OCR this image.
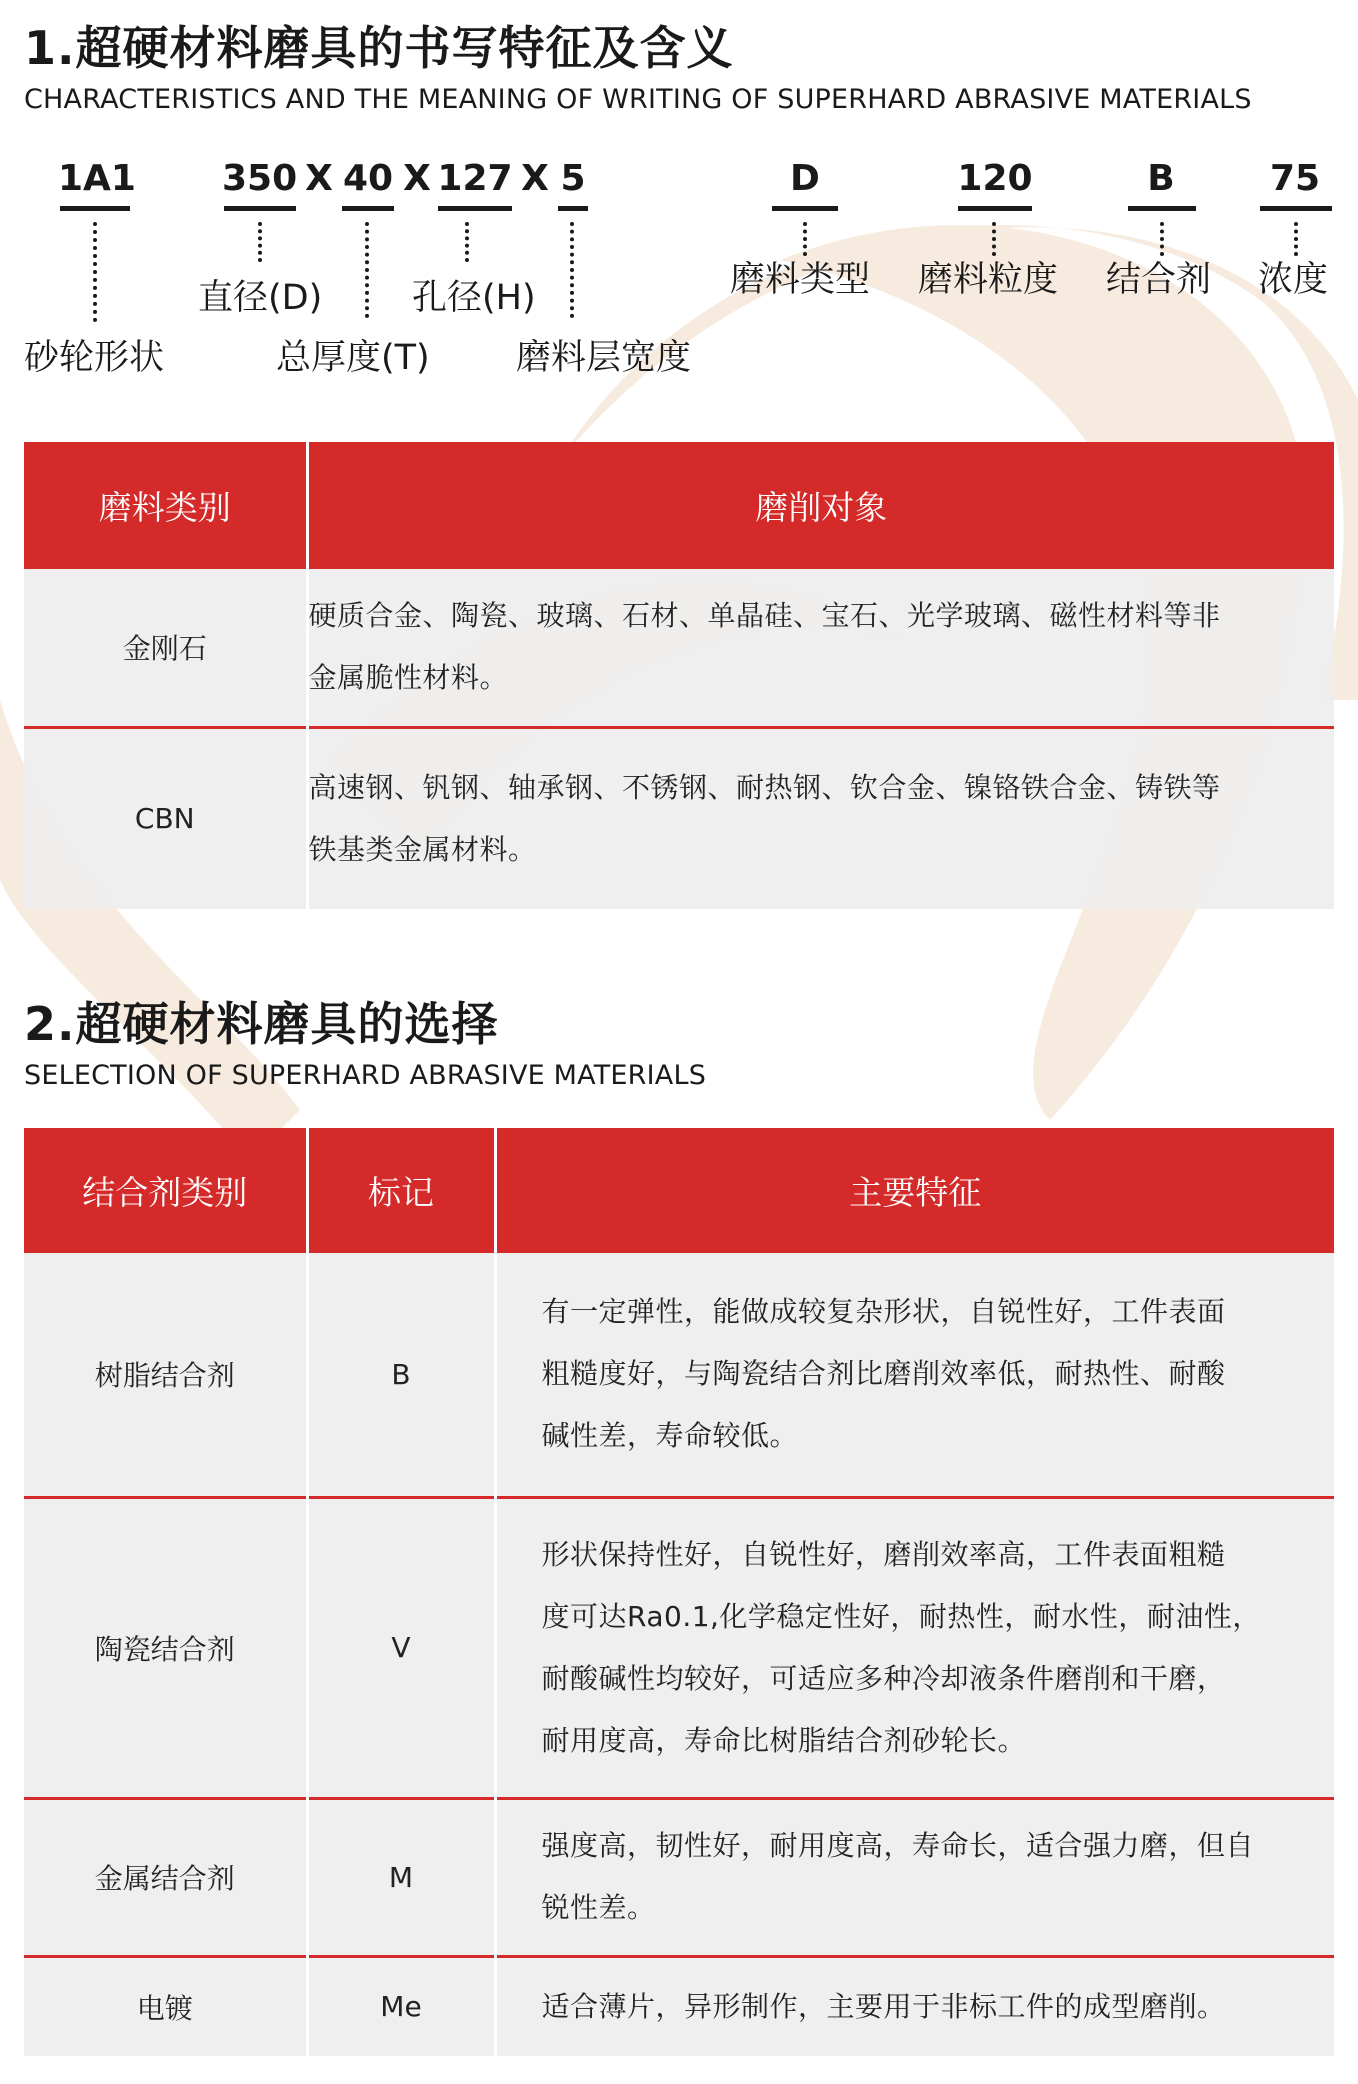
1.超硬材料磨具的书写特征及含义
CHARACTERISTICS AND THE MEANING OF WRITING OF SUPERHARD ABRASIVE MATERIALS
1A1
砂轮形状
350
直径(D)
X 40
总厚度(T)
X 127
孔径(H)
X 5
磨料层宽度
D
磨料类型
120
磨料粒度
B
结合剂
75
浓度
磨料类别	磨削对象
金刚石	硬质合金、陶瓷、玻璃、石材、单晶硅、宝石、光学玻璃、磁性材料等非
金属脆性材料。

CBN	高速钢、钒钢、轴承钢、不锈钢、耐热钢、钦合金、镍铬铁合金、铸铁等
铁基类金属材料。
2.超硬材料磨具的选择
SELECTION OF SUPERHARD ABRASIVE MATERIALS
结合剂类别	标记	主要特征
树脂结合剂	B	有一定弹性，能做成较复杂形状，自锐性好，工件表面
粗糙度好，与陶瓷结合剂比磨削效率低，耐热性、耐酸
碱性差，寿命较低。

陶瓷结合剂	V	形状保持性好，自锐性好，磨削效率高，工件表面粗糙
度可达Ra0.1,化学稳定性好，耐热性，耐水性，耐油性，
耐酸碱性均较好，可适应多种冷却液条件磨削和干磨，
耐用度高，寿命比树脂结合剂砂轮长。

金属结合剂	M	强度高，韧性好，耐用度高，寿命长，适合强力磨，但自
锐性差。

电镀	Me	适合薄片，异形制作，主要用于非标工件的成型磨削。
